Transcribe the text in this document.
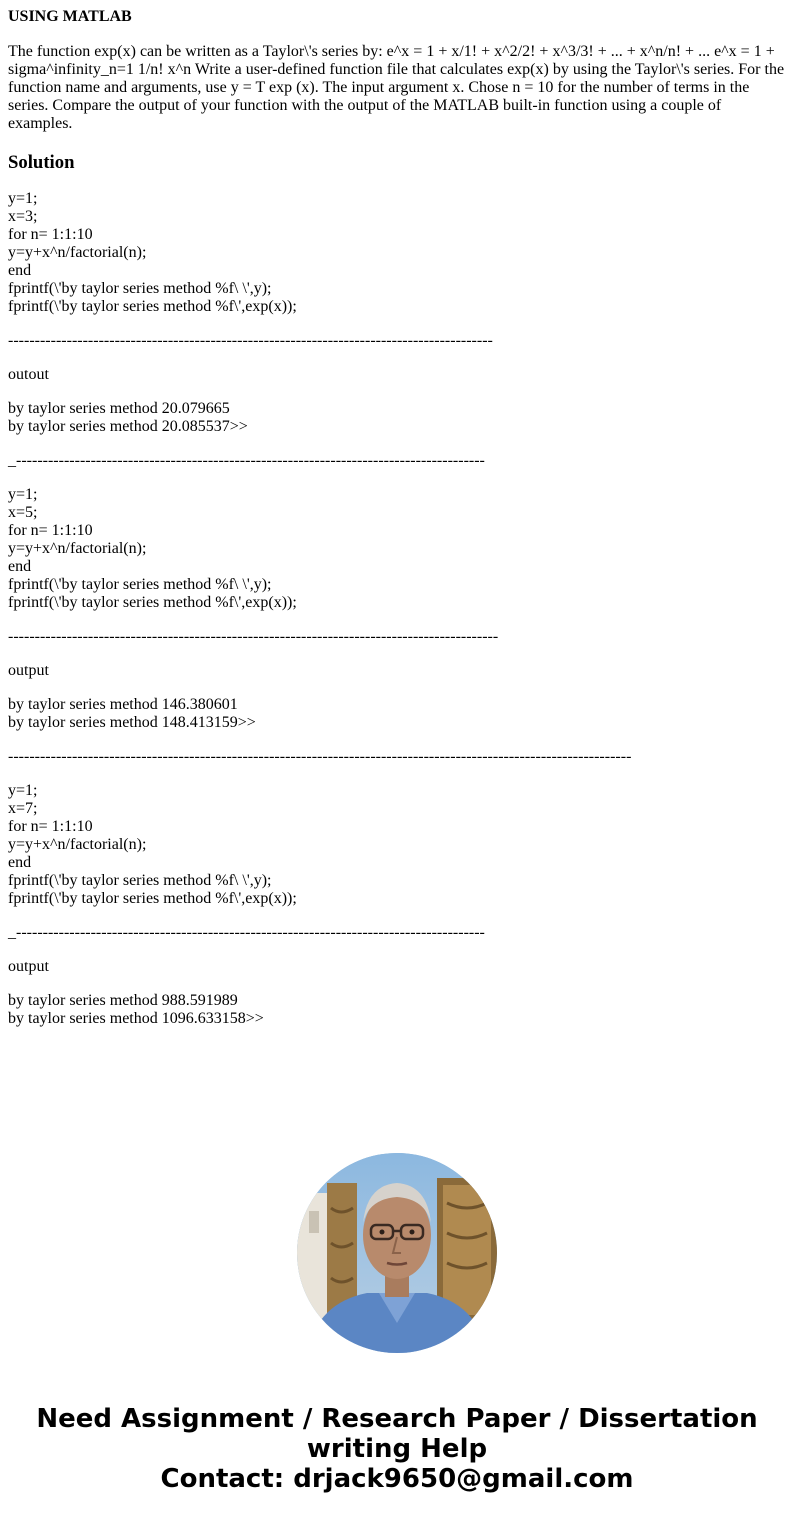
USING MATLAB

The function exp(x) can be written as a Taylor\'s series by: e^x = 1 + x/1! + x^2/2! + x^3/3! + ... + x^n/n! + ... e^x = 1 + sigma^infinity_n=1 1/n! x^n Write a user-defined function file that calculates exp(x) by using the Taylor\'s series. For the function name and arguments, use y = T exp (x). The input argument x. Chose n = 10 for the number of terms in the series. Compare the output of your function with the output of the MATLAB built-in function using a couple of examples.

Solution
y=1;
x=3;
for n= 1:1:10
y=y+x^n/factorial(n);
end
fprintf(\'by taylor series method %f\ \',y);
fprintf(\'by taylor series method %f\',exp(x));
-------------------------------------------------------------------------------------------
outout
by taylor series method 20.079665
by taylor series method 20.085537>>
_----------------------------------------------------------------------------------------
y=1;
x=5;
for n= 1:1:10
y=y+x^n/factorial(n);
end
fprintf(\'by taylor series method %f\ \',y);
fprintf(\'by taylor series method %f\',exp(x));
--------------------------------------------------------------------------------------------
output
by taylor series method 146.380601
by taylor series method 148.413159>>
---------------------------------------------------------------------------------------------------------------------
y=1;
x=7;
for n= 1:1:10
y=y+x^n/factorial(n);
end
fprintf(\'by taylor series method %f\ \',y);
fprintf(\'by taylor series method %f\',exp(x));
_----------------------------------------------------------------------------------------
output
by taylor series method 988.591989
by taylor series method 1096.633158>>
Need Assignment / Research Paper / Dissertation
writing Help
Contact: drjack9650@gmail.com
